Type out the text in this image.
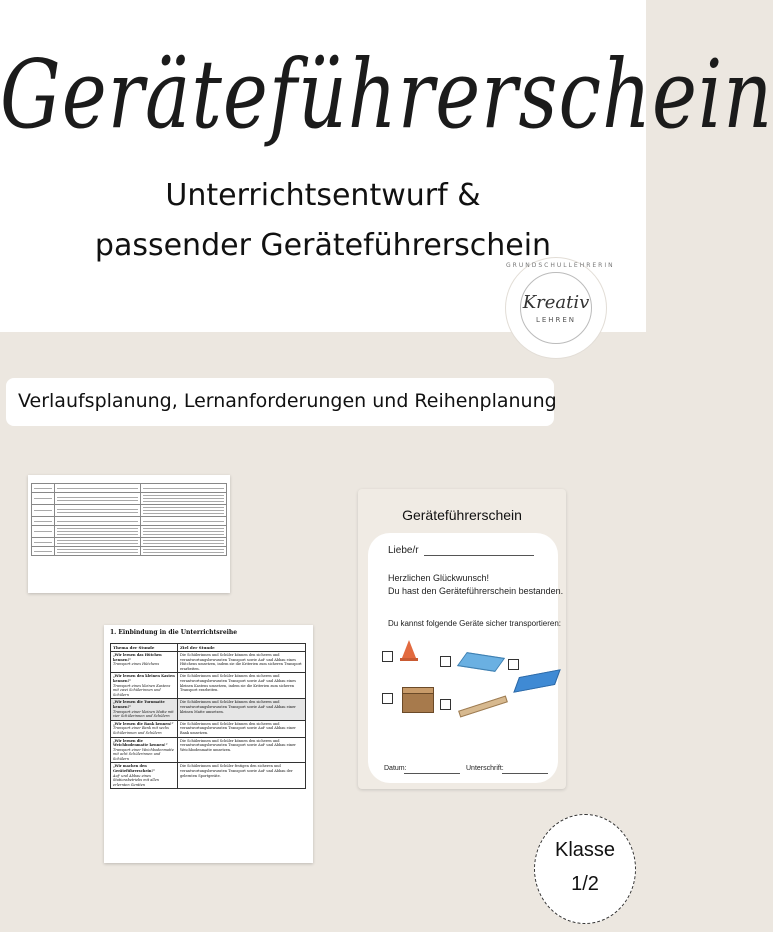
Geräteführerschein
Unterrichtsentwurf &
passender Geräteführerschein
GRUNDSCHULLEHRERIN
Kreativ
LEHREN
Verlaufsplanung, Lernanforderungen und Reihenplanung

1. Einbindung in die Unterrichtsreihe
Thema der Stunde	Ziel der Stunde

„Wir lernen das Hütchen kennen!“
Transport eines Hütchens	Die Schülerinnen und Schüler können den sicheren und verantwortungsbewussten Transport sowie Auf- und Abbau eines Hütchens umsetzen, indem sie die Kriterien zum sicheren Transport erarbeiten.

„Wir lernen den kleinen Kasten kennen!“
Transport eines kleinen Kastens mit zwei Schülerinnen und Schülern	Die Schülerinnen und Schüler können den sicheren und verantwortungsbewussten Transport sowie Auf- und Abbau eines kleinen Kastens umsetzen, indem sie die Kriterien zum sicheren Transport erarbeiten.

„Wir lernen die Turnmatte kennen!“
Transport einer kleinen Matte mit vier Schülerinnen und Schülern	Die Schülerinnen und Schüler können den sicheren und verantwortungsbewussten Transport sowie Auf- und Abbau einer kleinen Matte umsetzen.

„Wir lernen die Bank kennen!“
Transport einer Bank mit sechs Schülerinnen und Schülern	Die Schülerinnen und Schüler können den sicheren und verantwortungsbewussten Transport sowie Auf- und Abbau einer Bank umsetzen.

„Wir lernen die Weichbodenmatte kennen!“
Transport einer Weichbodenmatte mit acht Schülerinnen und Schülern	Die Schülerinnen und Schüler können den sicheren und verantwortungsbewussten Transport sowie Auf- und Abbau einer Weichbodenmatte umsetzen.

„Wir machen den Geräteführerschein!“
Auf- und Abbau eines Stationsbetriebs mit allen erlernten Geräten	Die Schülerinnen und Schüler festigen den sicheren und verantwortungsbewussten Transport sowie Auf- und Abbau der gelernten Sportgeräte.
Geräteführerschein
Liebe/r
Herzlichen Glückwunsch!
Du hast den Geräteführerschein bestanden.
Du kannst folgende Geräte sicher transportieren:
Datum:	Unterschrift:
Klasse
1/2
